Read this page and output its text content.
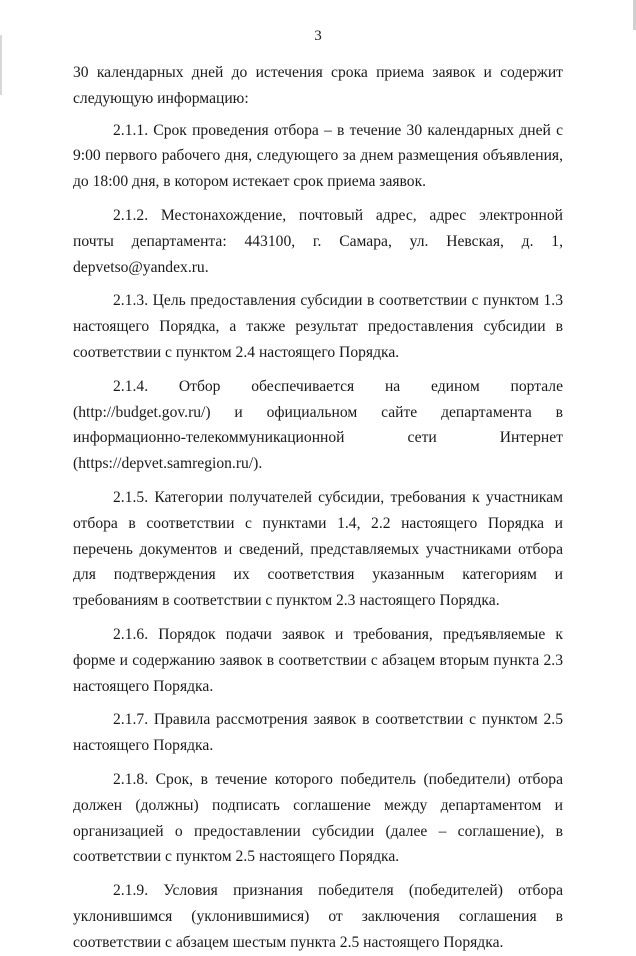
3

30 календарных дней до истечения срока приема заявок и содержит следующую информацию:

2.1.1. Срок проведения отбора – в течение 30 календарных дней с 9:00 первого рабочего дня, следующего за днем размещения объявления, до 18:00 дня, в котором истекает срок приема заявок.

2.1.2. Местонахождение, почтовый адрес, адрес электронной почты департамента: 443100, г. Самара, ул. Невская, д. 1, depvetso@yandex.ru.

2.1.3. Цель предоставления субсидии в соответствии с пунктом 1.3 настоящего Порядка, а также результат предоставления субсидии в соответствии с пунктом 2.4 настоящего Порядка.

2.1.4. Отбор обеспечивается на едином портале (http://budget.gov.ru/) и официальном сайте департамента в информационно-телекоммуникационной сети Интернет (https://depvet.samregion.ru/).

2.1.5. Категории получателей субсидии, требования к участникам отбора в соответствии с пунктами 1.4, 2.2 настоящего Порядка и перечень документов и сведений, представляемых участниками отбора для подтверждения их соответствия указанным категориям и требованиям в соответствии с пунктом 2.3 настоящего Порядка.

2.1.6. Порядок подачи заявок и требования, предъявляемые к форме и содержанию заявок в соответствии с абзацем вторым пункта 2.3 настоящего Порядка.

2.1.7. Правила рассмотрения заявок в соответствии с пунктом 2.5 настоящего Порядка.

2.1.8. Срок, в течение которого победитель (победители) отбора должен (должны) подписать соглашение между департаментом и организацией о предоставлении субсидии (далее – соглашение), в соответствии с пунктом 2.5 настоящего Порядка.

2.1.9. Условия признания победителя (победителей) отбора уклонившимся (уклонившимися) от заключения соглашения в соответствии с абзацем шестым пункта 2.5 настоящего Порядка.
